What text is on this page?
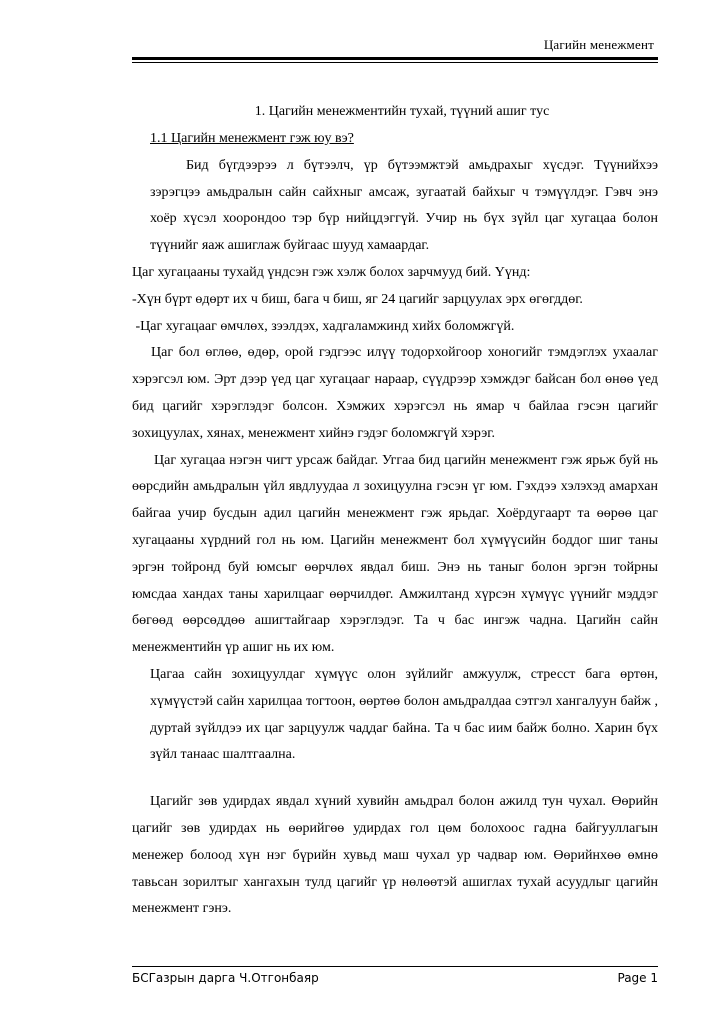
Цагийн менежмент
1. Цагийн менежментийн тухай, түүний ашиг тус
1.1 Цагийн менежмент гэж юу вэ?
Бид бүгдээрээ л бүтээлч, үр бүтээмжтэй амьдрахыг хүсдэг. Түүнийхээ зэрэгцээ амьдралын сайн сайхныг амсаж, зугаатай байхыг ч тэмүүлдэг. Гэвч энэ хоёр хүсэл хоорондоо тэр бүр нийцдэггүй. Учир нь бүх зүйл цаг хугацаа болон түүнийг яаж ашиглаж буйгаас шууд хамаардаг.
Цаг хугацааны тухайд үндсэн гэж хэлж болох зарчмууд бий. Үүнд:
-Хүн бүрт өдөрт их ч биш, бага ч биш, яг 24 цагийг зарцуулах эрх өгөгддөг.
-Цаг хугацааг өмчлөх, зээлдэх, хадгаламжинд хийх боломжгүй.
Цаг бол өглөө, өдөр, орой гэдгээс илүү тодорхойгоор хоногийг тэмдэглэх ухаалаг хэрэгсэл юм. Эрт дээр үед цаг хугацааг нараар, сүүдрээр хэмждэг байсан бол өнөө үед бид цагийг хэрэглэдэг болсон. Хэмжих хэрэгсэл нь ямар ч байлаа гэсэн цагийг зохицуулах, хянах, менежмент хийнэ гэдэг боломжгүй хэрэг.
Цаг хугацаа нэгэн чигт урсаж байдаг. Уггаа бид цагийн менежмент гэж ярьж буй нь өөрсдийн амьдралын үйл явдлуудаа л зохицуулна гэсэн үг юм. Гэхдээ хэлэхэд амархан байгаа учир бусдын адил цагийн менежмент гэж ярьдаг. Хоёрдугаарт та өөрөө цаг хугацааны хүрдний гол нь юм. Цагийн менежмент бол хүмүүсийн боддог шиг таны эргэн тойронд буй юмсыг өөрчлөх явдал биш. Энэ нь таныг болон эргэн тойрны юмсдаа хандах таны харилцааг өөрчилдөг. Амжилтанд хүрсэн хүмүүс үүнийг мэддэг бөгөөд өөрсөддөө ашигтайгаар хэрэглэдэг. Та ч бас ингэж чадна. Цагийн сайн менежментийн үр ашиг нь их юм.
Цагаа сайн зохицуулдаг хүмүүс олон зүйлийг амжуулж, стресст бага өртөн, хүмүүстэй сайн харилцаа тогтоон, өөртөө болон амьдралдаа сэтгэл хангалуун байж , дуртай зүйлдээ их цаг зарцуулж чаддаг байна. Та ч бас иим байж болно. Харин бүх зүйл танаас шалтгаална.
Цагийг зөв удирдах явдал хүний хувийн амьдрал болон ажилд тун чухал. Өөрийн цагийг зөв удирдах нь өөрийгөө удирдах гол цөм болохоос гадна байгууллагын менежер болоод хүн нэг бүрийн хувьд маш чухал ур чадвар юм. Өөрийнхөө өмнө тавьсан зорилтыг хангахын тулд цагийг үр нөлөөтэй ашиглах тухай асуудлыг цагийн менежмент гэнэ.
БСГазрын дарга Ч.Отгонбаяр	Page 1
